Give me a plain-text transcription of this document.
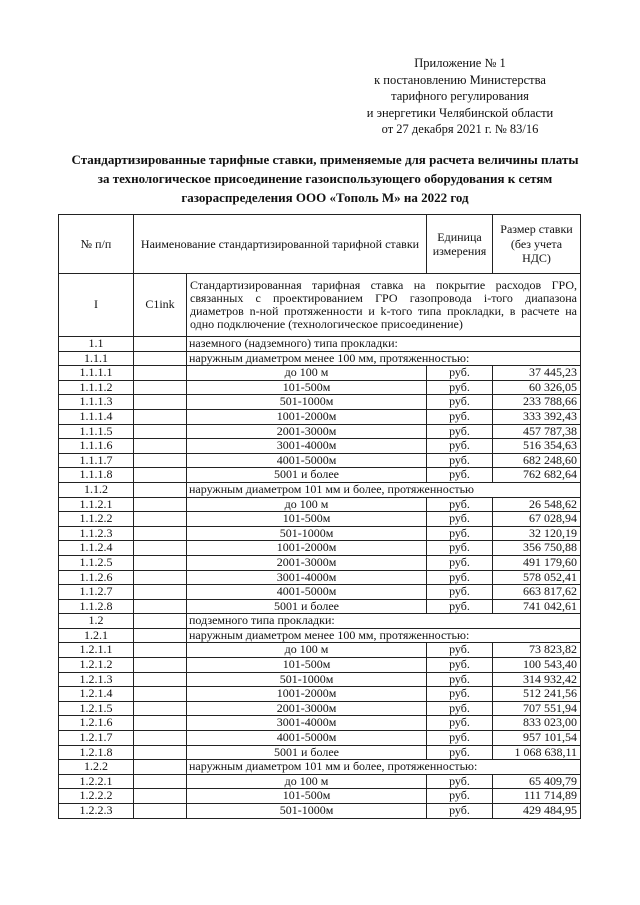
Приложение № 1
к постановлению Министерства
тарифного регулирования
и энергетики Челябинской области
от 27 декабря 2021 г. № 83/16
Стандартизированные тарифные ставки, применяемые для расчета величины платы
за технологическое присоединение газоиспользующего оборудования к сетям
газораспределения ООО «Тополь М» на 2022 год
№ п/п	Наименование стандартизированной тарифной ставки		Единица измерения	Размер ставки (без учета НДС)
I	C1ink	Стандартизированная тарифная ставка на покрытие расходов ГРО, связанных с проектированием ГРО газопровода i-того диапазона диаметров n-ной протяженности и k-того типа прокладки, в расчете на одно подключение (технологическое присоединение)		
1.1		наземного (надземного) типа прокладки:		
1.1.1		наружным диаметром менее 100 мм, протяженностью:		
1.1.1.1		до 100 м	руб.	37 445,23
1.1.1.2		101-500м	руб.	60 326,05
1.1.1.3		501-1000м	руб.	233 788,66
1.1.1.4		1001-2000м	руб.	333 392,43
1.1.1.5		2001-3000м	руб.	457 787,38
1.1.1.6		3001-4000м	руб.	516 354,63
1.1.1.7		4001-5000м	руб.	682 248,60
1.1.1.8		5001 и более	руб.	762 682,64
1.1.2		наружным диаметром 101 мм и более, протяженностью		
1.1.2.1		до 100 м	руб.	26 548,62
1.1.2.2		101-500м	руб.	67 028,94
1.1.2.3		501-1000м	руб.	32 120,19
1.1.2.4		1001-2000м	руб.	356 750,88
1.1.2.5		2001-3000м	руб.	491 179,60
1.1.2.6		3001-4000м	руб.	578 052,41
1.1.2.7		4001-5000м	руб.	663 817,62
1.1.2.8		5001 и более	руб.	741 042,61
1.2		подземного типа прокладки:		
1.2.1		наружным диаметром менее 100 мм, протяженностью:		
1.2.1.1		до 100 м	руб.	73 823,82
1.2.1.2		101-500м	руб.	100 543,40
1.2.1.3		501-1000м	руб.	314 932,42
1.2.1.4		1001-2000м	руб.	512 241,56
1.2.1.5		2001-3000м	руб.	707 551,94
1.2.1.6		3001-4000м	руб.	833 023,00
1.2.1.7		4001-5000м	руб.	957 101,54
1.2.1.8		5001 и более	руб.	1 068 638,11
1.2.2		наружным диаметром 101 мм и более, протяженностью:		
1.2.2.1		до 100 м	руб.	65 409,79
1.2.2.2		101-500м	руб.	111 714,89
1.2.2.3		501-1000м	руб.	429 484,95
